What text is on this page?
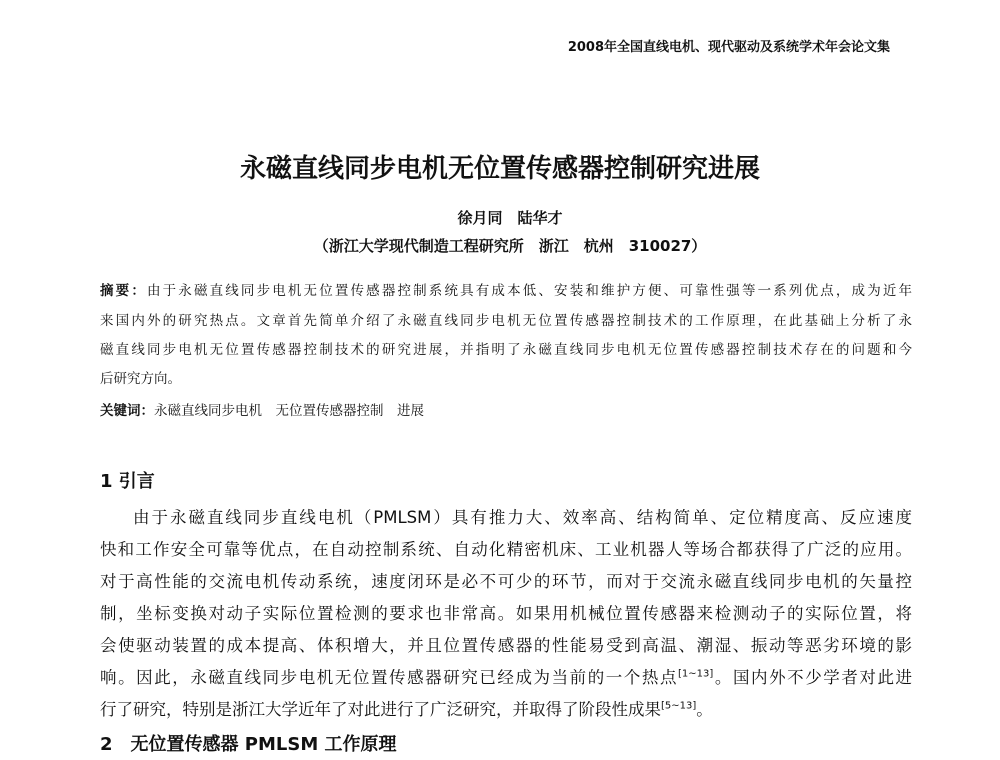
2008年全国直线电机、现代驱动及系统学术年会论文集
永磁直线同步电机无位置传感器控制研究进展
徐月同　陆华才
（浙江大学现代制造工程研究所　浙江　杭州　310027）
摘要：由于永磁直线同步电机无位置传感器控制系统具有成本低、安装和维护方便、可靠性强等一系列优点，成为近年
来国内外的研究热点。文章首先简单介绍了永磁直线同步电机无位置传感器控制技术的工作原理，在此基础上分析了永
磁直线同步电机无位置传感器控制技术的研究进展，并指明了永磁直线同步电机无位置传感器控制技术存在的问题和今
后研究方向。
关键词：永磁直线同步电机　无位置传感器控制　进展
1 引言
由于永磁直线同步直线电机（PMLSM）具有推力大、效率高、结构简单、定位精度高、反应速度
快和工作安全可靠等优点，在自动控制系统、自动化精密机床、工业机器人等场合都获得了广泛的应用。
对于高性能的交流电机传动系统，速度闭环是必不可少的环节，而对于交流永磁直线同步电机的矢量控
制，坐标变换对动子实际位置检测的要求也非常高。如果用机械位置传感器来检测动子的实际位置，将
会使驱动装置的成本提高、体积增大，并且位置传感器的性能易受到高温、潮湿、振动等恶劣环境的影
响。因此，永磁直线同步电机无位置传感器研究已经成为当前的一个热点[1~13]。国内外不少学者对此进
行了研究，特别是浙江大学近年了对此进行了广泛研究，并取得了阶段性成果[5~13]。
2　无位置传感器 PMLSM 工作原理
